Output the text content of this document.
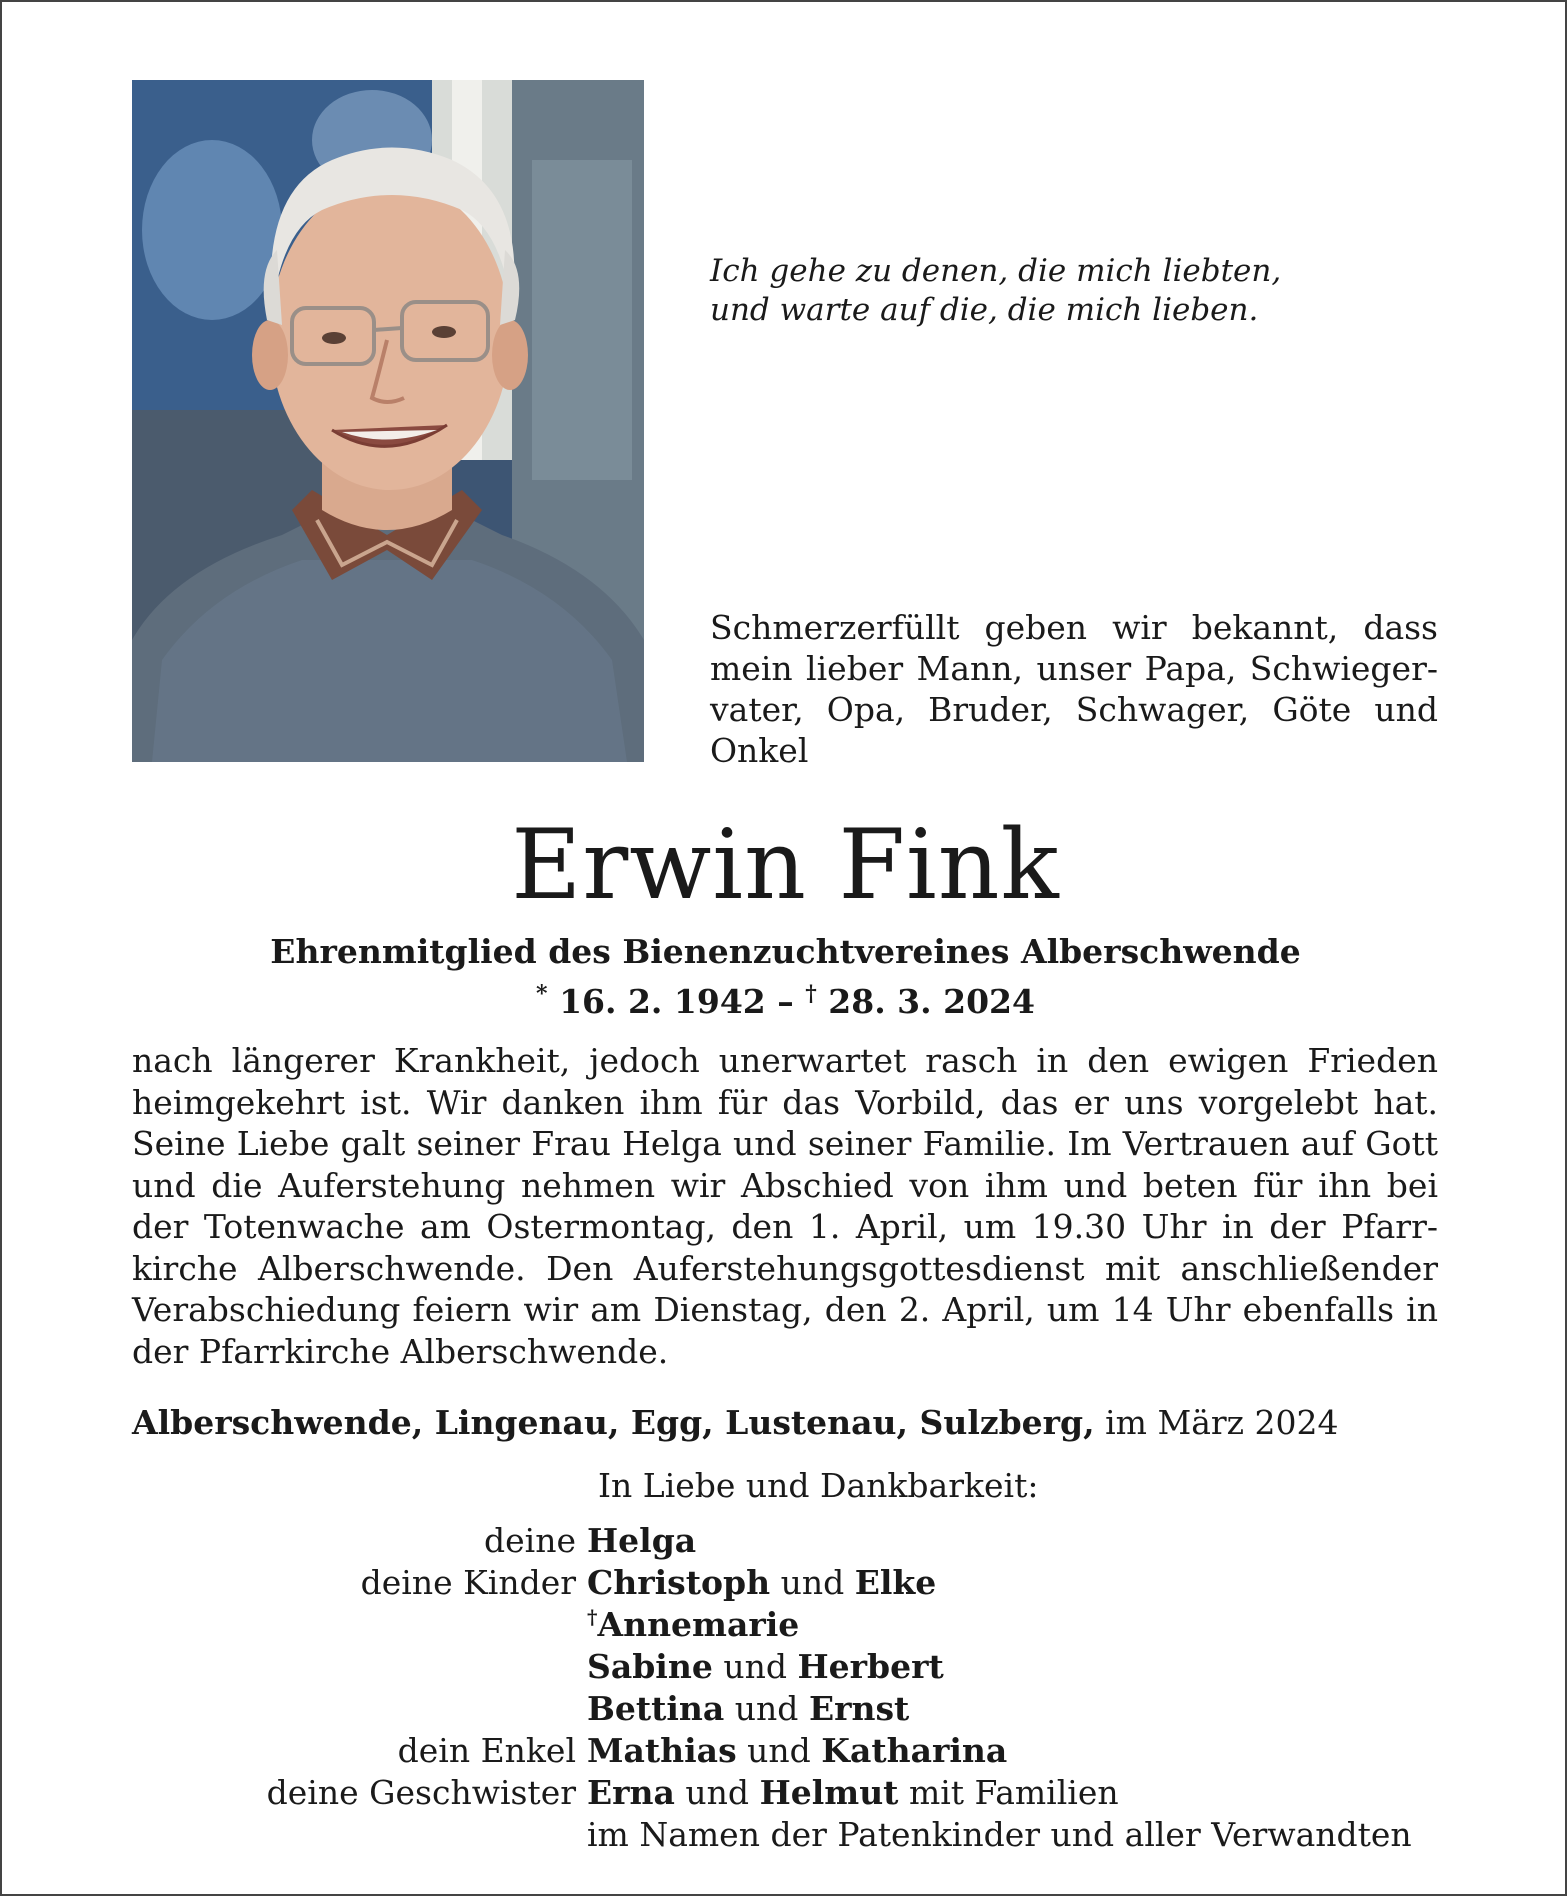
Ich gehe zu denen, die mich liebten,
und warte auf die, die mich lieben.
Schmerzerfüllt geben wir bekannt, dass mein lieber Mann, unser Papa, Schwiegervater, Opa, Bruder, Schwager, Göte und Onkel
Erwin Fink
Ehrenmitglied des Bienenzuchtvereines Alberschwende
* 16. 2. 1942 – † 28. 3. 2024
nach längerer Krankheit, jedoch unerwartet rasch in den ewigen Frieden heimgekehrt ist. Wir danken ihm für das Vorbild, das er uns vorgelebt hat. Seine Liebe galt seiner Frau Helga und seiner Familie. Im Vertrauen auf Gott und die Auferstehung nehmen wir Abschied von ihm und beten für ihn bei der Totenwache am Ostermontag, den 1. April, um 19.30 Uhr in der Pfarrkirche Alberschwende. Den Auferstehungsgottesdienst mit anschließender Verabschiedung feiern wir am Dienstag, den 2. April, um 14 Uhr ebenfalls in der Pfarrkirche Alberschwende.
Alberschwende, Lingenau, Egg, Lustenau, Sulzberg, im März 2024
In Liebe und Dankbarkeit:
deine Helga
deine Kinder Christoph und Elke
†Annemarie
Sabine und Herbert
Bettina und Ernst
dein Enkel Mathias und Katharina
deine Geschwister Erna und Helmut mit Familien
im Namen der Patenkinder und aller Verwandten
